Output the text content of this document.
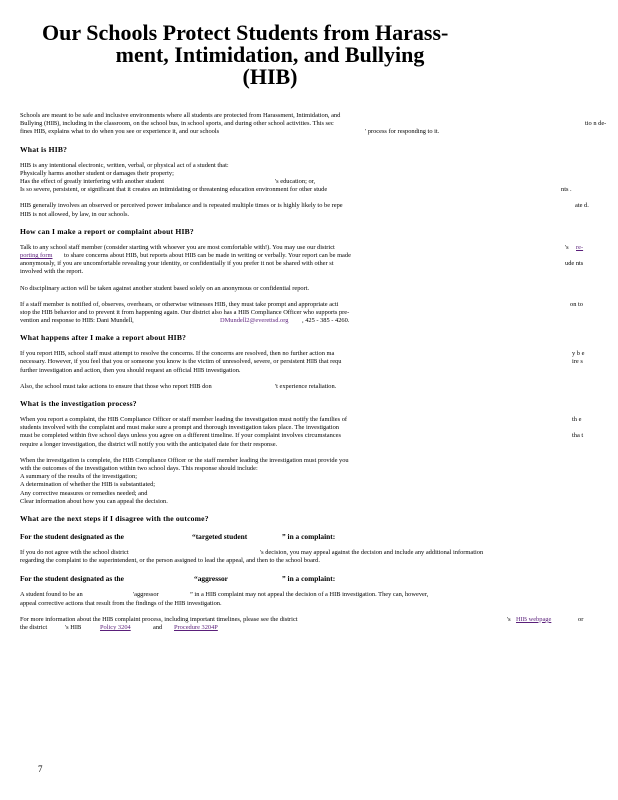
Our Schools Protect Students from Harass-
ment, Intimidation, and Bullying
(HIB)

Schools are meant to be safe and inclusive environments where all students are protected from Harassment, Intimidation, and

Bullying (HIB), including in the classroom, on the school bus, in school sports, and during other school activities. This sec	tio n de-
fines HIB, explains what to do when you see or experience it, and our schools	' process for responding to it.
What is HIB?

HIB is any intentional electronic, written, verbal, or physical act of a student that:

Physically harms another student or damages their property;

Has the effect of greatly interfering with another student	's education; or,
Is so severe, persistent, or significant that it creates an intimidating or threatening education environment for other stude	nts .
HIB generally involves an observed or perceived power imbalance and is repeated multiple times or is highly likely to be repe	ate d.

HIB is not allowed, by law, in our schools.

How can I make a report or complaint about HIB?
Talk to any school staff member (consider starting with whoever you are most comfortable with!). You may use our district	's re-
porting form to share concerns about HIB, but reports about HIB can be made in writing or verbally. Your report can be made
anonymously, if you are uncomfortable revealing your identity, or confidentially if you prefer it not be shared with other st	ude nts

involved with the report.

No disciplinary action will be taken against another student based solely on an anonymous or confidential report.

If a staff member is notified of, observes, overhears, or otherwise witnesses HIB, they must take prompt and appropriate acti	on to

stop the HIB behavior and to prevent it from happening again. Our district also has a HIB Compliance Officer who supports pre-

vention and response to HIB: Dani Mundell,	DMundell2@everettsd.org , 425 - 385 - 4260.
What happens after I make a report about HIB?
If you report HIB, school staff must attempt to resolve the concerns. If the concerns are resolved, then no further action ma	y b e
necessary. However, if you feel that you or someone you know is the victim of unresolved, severe, or persistent HIB that requ	ire s

further investigation and action, then you should request an official HIB investigation.

Also, the school must take actions to ensure that those who report HIB don	't experience retaliation.
What is the investigation process?
When you report a complaint, the HIB Compliance Officer or staff member leading the investigation must notify the families of	th e

students involved with the complaint and must make sure a prompt and thorough investigation takes place. The investigation

must be completed within five school days unless you agree on a different timeline. If your complaint involves circumstances	tha t

require a longer investigation, the district will notify you with the anticipated date for their response.

When the investigation is complete, the HIB Compliance Officer or the staff member leading the investigation must provide you

with the outcomes of the investigation within two school days. This response should include:

A summary of the results of the investigation;

A determination of whether the HIB is substantiated;

Any corrective measures or remedies needed; and

Clear information about how you can appeal the decision.

What are the next steps if I disagree with the outcome?
For the student designated as the	“targeted student	” in a complaint:
If you do not agree with the school district	's decision, you may appeal against the decision and include any additional information

regarding the complaint to the superintendent, or the person assigned to lead the appeal, and then to the school board.

For the student designated as the	“aggressor	” in a complaint:
A student found to be an	'aggressor	” in a HIB complaint may not appeal the decision of a HIB investigation. They can, however,

appeal corrective actions that result from the findings of the HIB investigation.

For more information about the HIB complaint process, including important timelines, please see the district	's HIB webpage	or
the district	's HIB	Policy 3204	and Procedure 3204P
7
